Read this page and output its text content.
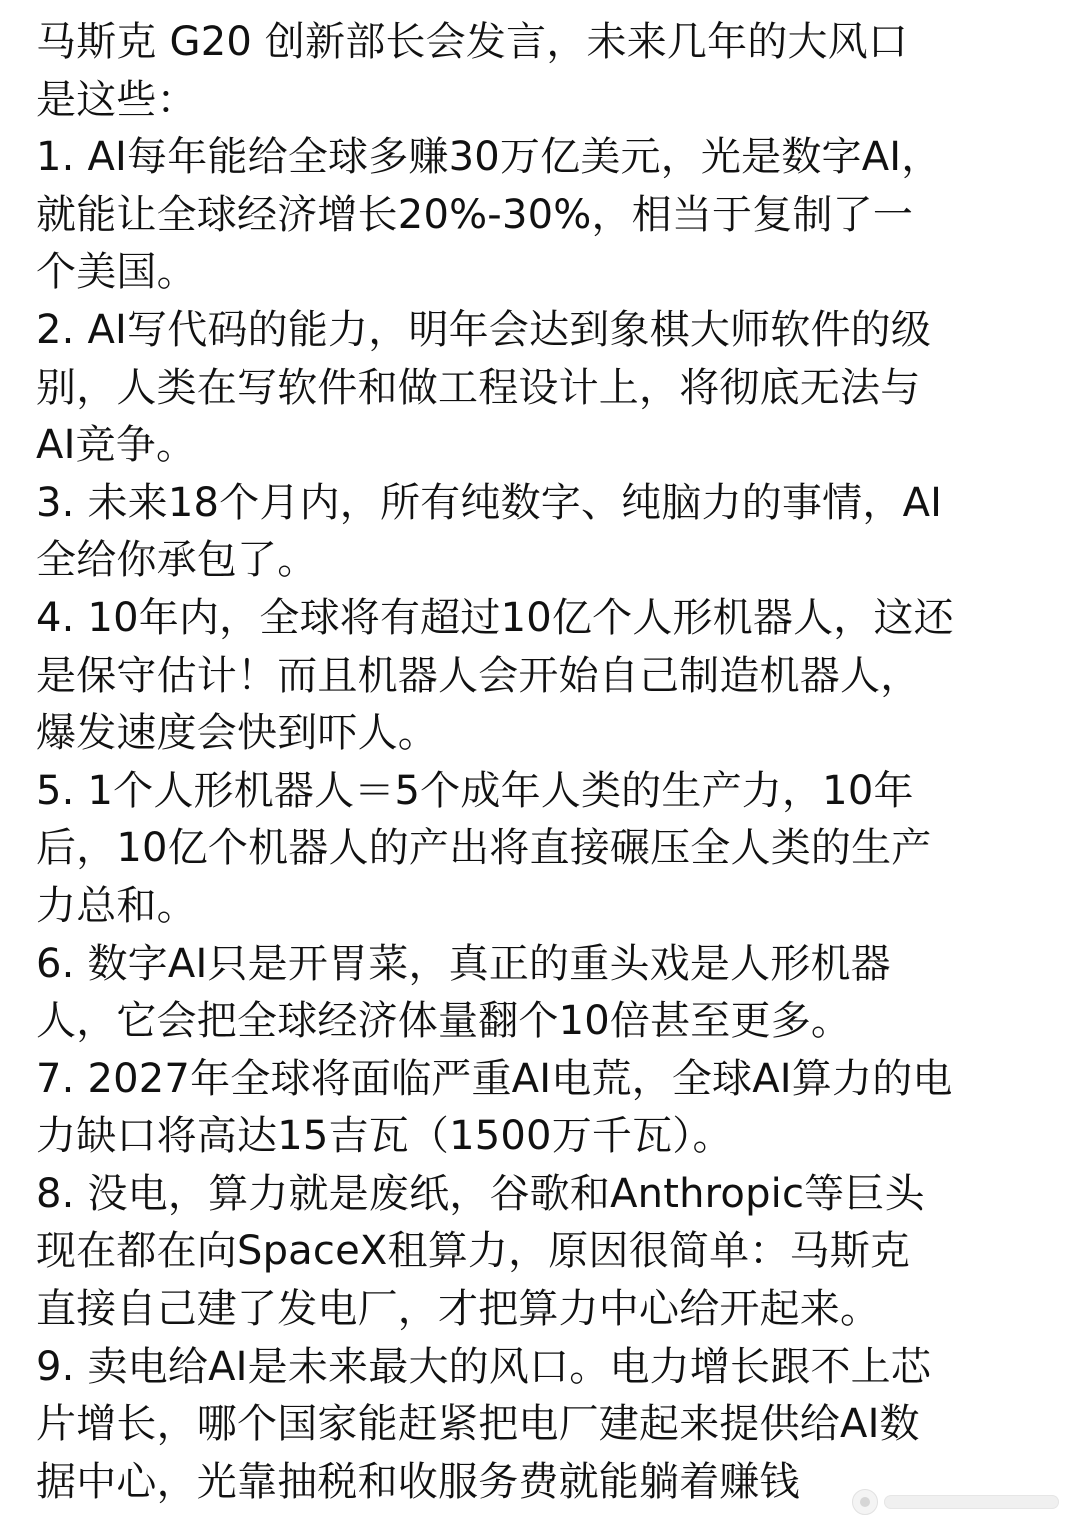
马斯克 G20 创新部长会发言，未来几年的大风口
是这些：
1. AI每年能给全球多赚30万亿美元，光是数字AI，
就能让全球经济增长20%-30%，相当于复制了一
个美国。
2. AI写代码的能力，明年会达到象棋大师软件的级
别，人类在写软件和做工程设计上，将彻底无法与
AI竞争。
3. 未来18个月内，所有纯数字、纯脑力的事情，AI
全给你承包了。
4. 10年内，全球将有超过10亿个人形机器人，这还
是保守估计！而且机器人会开始自己制造机器人，
爆发速度会快到吓人。
5. 1个人形机器人＝5个成年人类的生产力，10年
后，10亿个机器人的产出将直接碾压全人类的生产
力总和。
6. 数字AI只是开胃菜，真正的重头戏是人形机器
人，它会把全球经济体量翻个10倍甚至更多。
7. 2027年全球将面临严重AI电荒，全球AI算力的电
力缺口将高达15吉瓦（1500万千瓦）。
8. 没电，算力就是废纸，谷歌和Anthropic等巨头
现在都在向SpaceX租算力，原因很简单：马斯克
直接自己建了发电厂，才把算力中心给开起来。
9. 卖电给AI是未来最大的风口。电力增长跟不上芯
片增长，哪个国家能赶紧把电厂建起来提供给AI数
据中心，光靠抽税和收服务费就能躺着赚钱
